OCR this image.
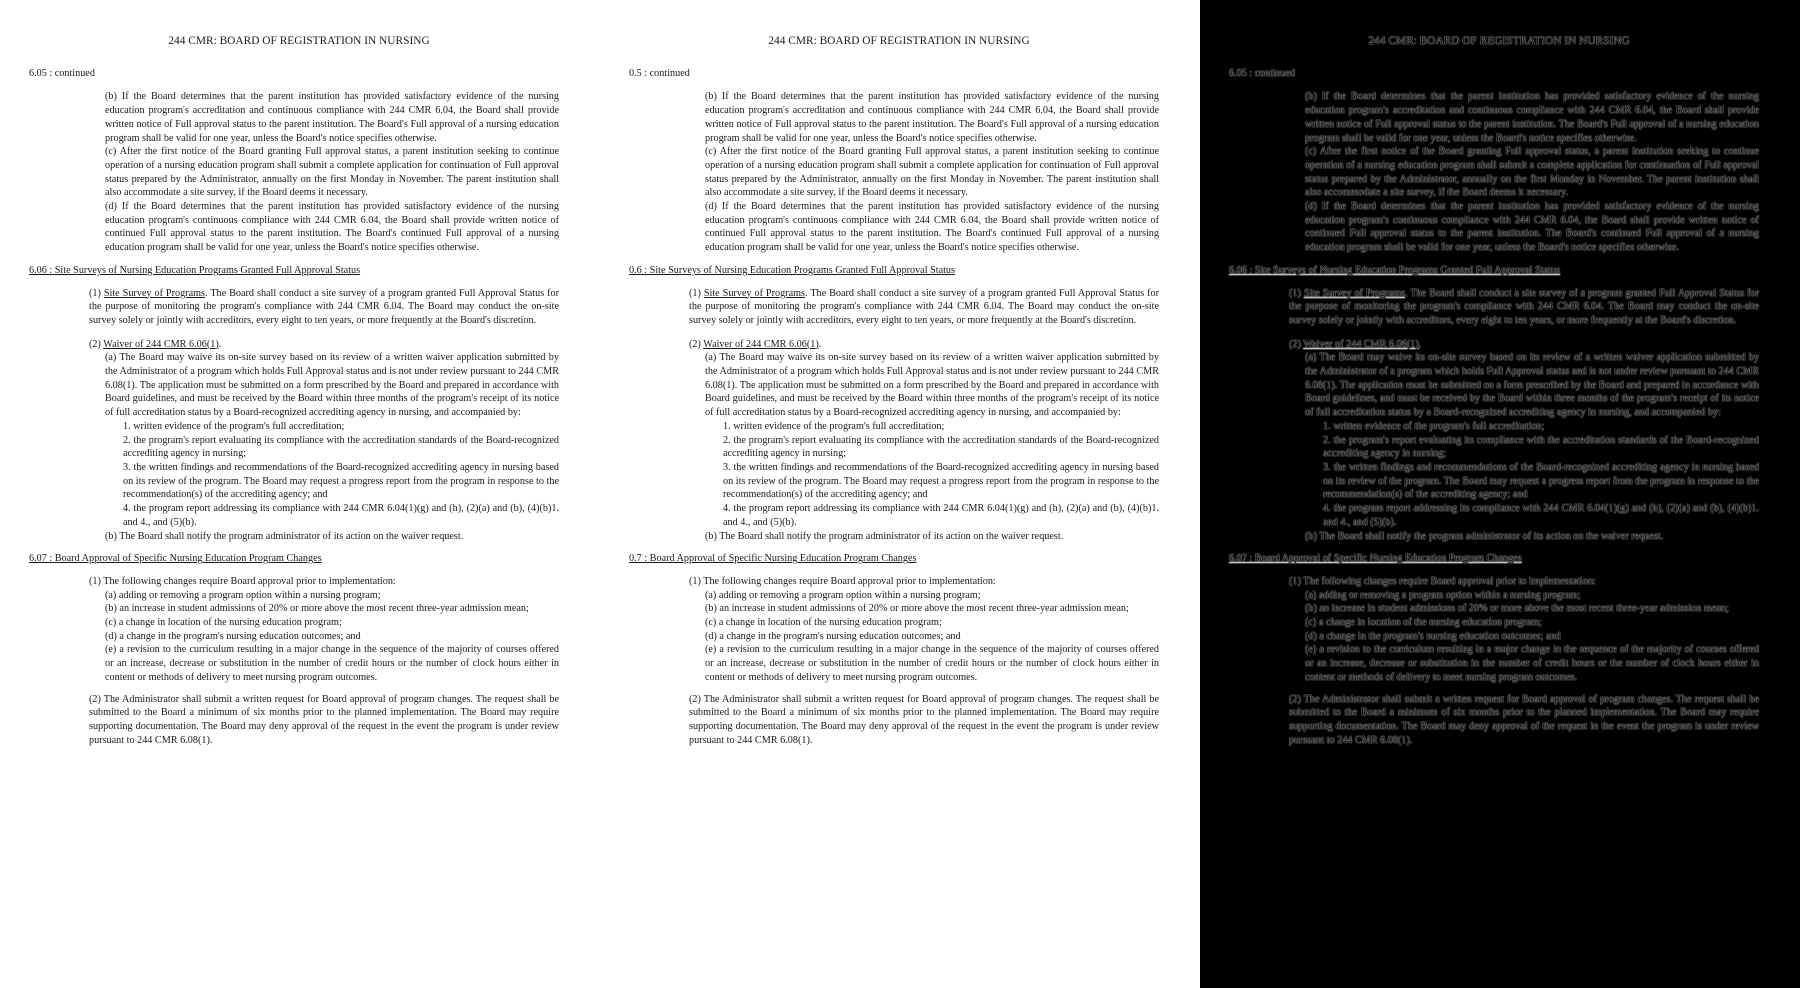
244 CMR: BOARD OF REGISTRATION IN NURSING
6.05 : continued
(b) If the Board determines that the parent institution has provided satisfactory evidence of the nursing education program's accreditation and continuous compliance with 244 CMR 6.04, the Board shall provide written notice of Full approval status to the parent institution. The Board's Full approval of a nursing education program shall be valid for one year, unless the Board's notice specifies otherwise.
(c) After the first notice of the Board granting Full approval status, a parent institution seeking to continue operation of a nursing education program shall submit a complete application for continuation of Full approval status prepared by the Administrator, annually on the first Monday in November. The parent institution shall also accommodate a site survey, if the Board deems it necessary.
(d) If the Board determines that the parent institution has provided satisfactory evidence of the nursing education program's continuous compliance with 244 CMR 6.04, the Board shall provide written notice of continued Full approval status to the parent institution. The Board's continued Full approval of a nursing education program shall be valid for one year, unless the Board's notice specifies otherwise.
6.06 : Site Surveys of Nursing Education Programs Granted Full Approval Status
(1) Site Survey of Programs. The Board shall conduct a site survey of a program granted Full Approval Status for the purpose of monitoring the program's compliance with 244 CMR 6.04. The Board may conduct the on-site survey solely or jointly with accreditors, every eight to ten years, or more frequently at the Board's discretion.
(2) Waiver of 244 CMR 6.06(1).
(a) The Board may waive its on-site survey based on its review of a written waiver application submitted by the Administrator of a program which holds Full Approval status and is not under review pursuant to 244 CMR 6.08(1). The application must be submitted on a form prescribed by the Board and prepared in accordance with Board guidelines, and must be received by the Board within three months of the program's receipt of its notice of full accreditation status by a Board-recognized accrediting agency in nursing, and accompanied by:
1. written evidence of the program's full accreditation;
2. the program's report evaluating its compliance with the accreditation standards of the Board-recognized accrediting agency in nursing;
3. the written findings and recommendations of the Board-recognized accrediting agency in nursing based on its review of the program. The Board may request a progress report from the program in response to the recommendation(s) of the accrediting agency; and
4. the program report addressing its compliance with 244 CMR 6.04(1)(g) and (h), (2)(a) and (b), (4)(b)1. and 4., and (5)(b).
(b) The Board shall notify the program administrator of its action on the waiver request.
6.07 : Board Approval of Specific Nursing Education Program Changes
(1) The following changes require Board approval prior to implementation:
(a) adding or removing a program option within a nursing program;
(b) an increase in student admissions of 20% or more above the most recent three-year admission mean;
(c) a change in location of the nursing education program;
(d) a change in the program's nursing education outcomes; and
(e) a revision to the curriculum resulting in a major change in the sequence of the majority of courses offered or an increase, decrease or substitution in the number of credit hours or the number of clock hours either in content or methods of delivery to meet nursing program outcomes.
(2) The Administrator shall submit a written request for Board approval of program changes. The request shall be submitted to the Board a minimum of six months prior to the planned implementation. The Board may require supporting documentation. The Board may deny approval of the request in the event the program is under review pursuant to 244 CMR 6.08(1).
244 CMR: BOARD OF REGISTRATION IN NURSING
0.5 : continued
(b) If the Board determines that the parent institution has provided satisfactory evidence of the nursing education program's accreditation and continuous compliance with 244 CMR 6.04, the Board shall provide written notice of Full approval status to the parent institution. The Board's Full approval of a nursing education program shall be valid for one year, unless the Board's notice specifies otherwise.
(c) After the first notice of the Board granting Full approval status, a parent institution seeking to continue operation of a nursing education program shall submit a complete application for continuation of Full approval status prepared by the Administrator, annually on the first Monday in November. The parent institution shall also accommodate a site survey, if the Board deems it necessary.
(d) If the Board determines that the parent institution has provided satisfactory evidence of the nursing education program's continuous compliance with 244 CMR 6.04, the Board shall provide written notice of continued Full approval status to the parent institution. The Board's continued Full approval of a nursing education program shall be valid for one year, unless the Board's notice specifies otherwise.
0.6 : Site Surveys of Nursing Education Programs Granted Full Approval Status
(1) Site Survey of Programs. The Board shall conduct a site survey of a program granted Full Approval Status for the purpose of monitoring the program's compliance with 244 CMR 6.04. The Board may conduct the on-site survey solely or jointly with accreditors, every eight to ten years, or more frequently at the Board's discretion.
(2) Waiver of 244 CMR 6.06(1).
(a) The Board may waive its on-site survey based on its review of a written waiver application submitted by the Administrator of a program which holds Full Approval status and is not under review pursuant to 244 CMR 6.08(1). The application must be submitted on a form prescribed by the Board and prepared in accordance with Board guidelines, and must be received by the Board within three months of the program's receipt of its notice of full accreditation status by a Board-recognized accrediting agency in nursing, and accompanied by:
1. written evidence of the program's full accreditation;
2. the program's report evaluating its compliance with the accreditation standards of the Board-recognized accrediting agency in nursing;
3. the written findings and recommendations of the Board-recognized accrediting agency in nursing based on its review of the program. The Board may request a progress report from the program in response to the recommendation(s) of the accrediting agency; and
4. the program report addressing its compliance with 244 CMR 6.04(1)(g) and (h), (2)(a) and (b), (4)(b)1. and 4., and (5)(b).
(b) The Board shall notify the program administrator of its action on the waiver request.
0.7 : Board Approval of Specific Nursing Education Program Changes
(1) The following changes require Board approval prior to implementation:
(a) adding or removing a program option within a nursing program;
(b) an increase in student admissions of 20% or more above the most recent three-year admission mean;
(c) a change in location of the nursing education program;
(d) a change in the program's nursing education outcomes; and
(e) a revision to the curriculum resulting in a major change in the sequence of the majority of courses offered or an increase, decrease or substitution in the number of credit hours or the number of clock hours either in content or methods of delivery to meet nursing program outcomes.
(2) The Administrator shall submit a written request for Board approval of program changes. The request shall be submitted to the Board a minimum of six months prior to the planned implementation. The Board may require supporting documentation. The Board may deny approval of the request in the event the program is under review pursuant to 244 CMR 6.08(1).
244 CMR: BOARD OF REGISTRATION IN NURSING
6.05 : continued
(b) If the Board determines that the parent institution has provided satisfactory evidence of the nursing education program's accreditation and continuous compliance with 244 CMR 6.04, the Board shall provide written notice of Full approval status to the parent institution. The Board's Full approval of a nursing education program shall be valid for one year, unless the Board's notice specifies otherwise.
(c) After the first notice of the Board granting Full approval status, a parent institution seeking to continue operation of a nursing education program shall submit a complete application for continuation of Full approval status prepared by the Administrator, annually on the first Monday in November. The parent institution shall also accommodate a site survey, if the Board deems it necessary.
(d) If the Board determines that the parent institution has provided satisfactory evidence of the nursing education program's continuous compliance with 244 CMR 6.04, the Board shall provide written notice of continued Full approval status to the parent institution. The Board's continued Full approval of a nursing education program shall be valid for one year, unless the Board's notice specifies otherwise.
6.06 : Site Surveys of Nursing Education Programs Granted Full Approval Status
(1) Site Survey of Programs. The Board shall conduct a site survey of a program granted Full Approval Status for the purpose of monitoring the program's compliance with 244 CMR 6.04. The Board may conduct the on-site survey solely or jointly with accreditors, every eight to ten years, or more frequently at the Board's discretion.
(2) Waiver of 244 CMR 6.06(1).
(a) The Board may waive its on-site survey based on its review of a written waiver application submitted by the Administrator of a program which holds Full Approval status and is not under review pursuant to 244 CMR 6.08(1). The application must be submitted on a form prescribed by the Board and prepared in accordance with Board guidelines, and must be received by the Board within three months of the program's receipt of its notice of full accreditation status by a Board-recognized accrediting agency in nursing, and accompanied by:
1. written evidence of the program's full accreditation;
2. the program's report evaluating its compliance with the accreditation standards of the Board-recognized accrediting agency in nursing;
3. the written findings and recommendations of the Board-recognized accrediting agency in nursing based on its review of the program. The Board may request a progress report from the program in response to the recommendation(s) of the accrediting agency; and
4. the program report addressing its compliance with 244 CMR 6.04(1)(g) and (h), (2)(a) and (b), (4)(b)1. and 4., and (5)(b).
(b) The Board shall notify the program administrator of its action on the waiver request.
6.07 : Board Approval of Specific Nursing Education Program Changes
(1) The following changes require Board approval prior to implementation:
(a) adding or removing a program option within a nursing program;
(b) an increase in student admissions of 20% or more above the most recent three-year admission mean;
(c) a change in location of the nursing education program;
(d) a change in the program's nursing education outcomes; and
(e) a revision to the curriculum resulting in a major change in the sequence of the majority of courses offered or an increase, decrease or substitution in the number of credit hours or the number of clock hours either in content or methods of delivery to meet nursing program outcomes.
(2) The Administrator shall submit a written request for Board approval of program changes. The request shall be submitted to the Board a minimum of six months prior to the planned implementation. The Board may require supporting documentation. The Board may deny approval of the request in the event the program is under review pursuant to 244 CMR 6.08(1).
